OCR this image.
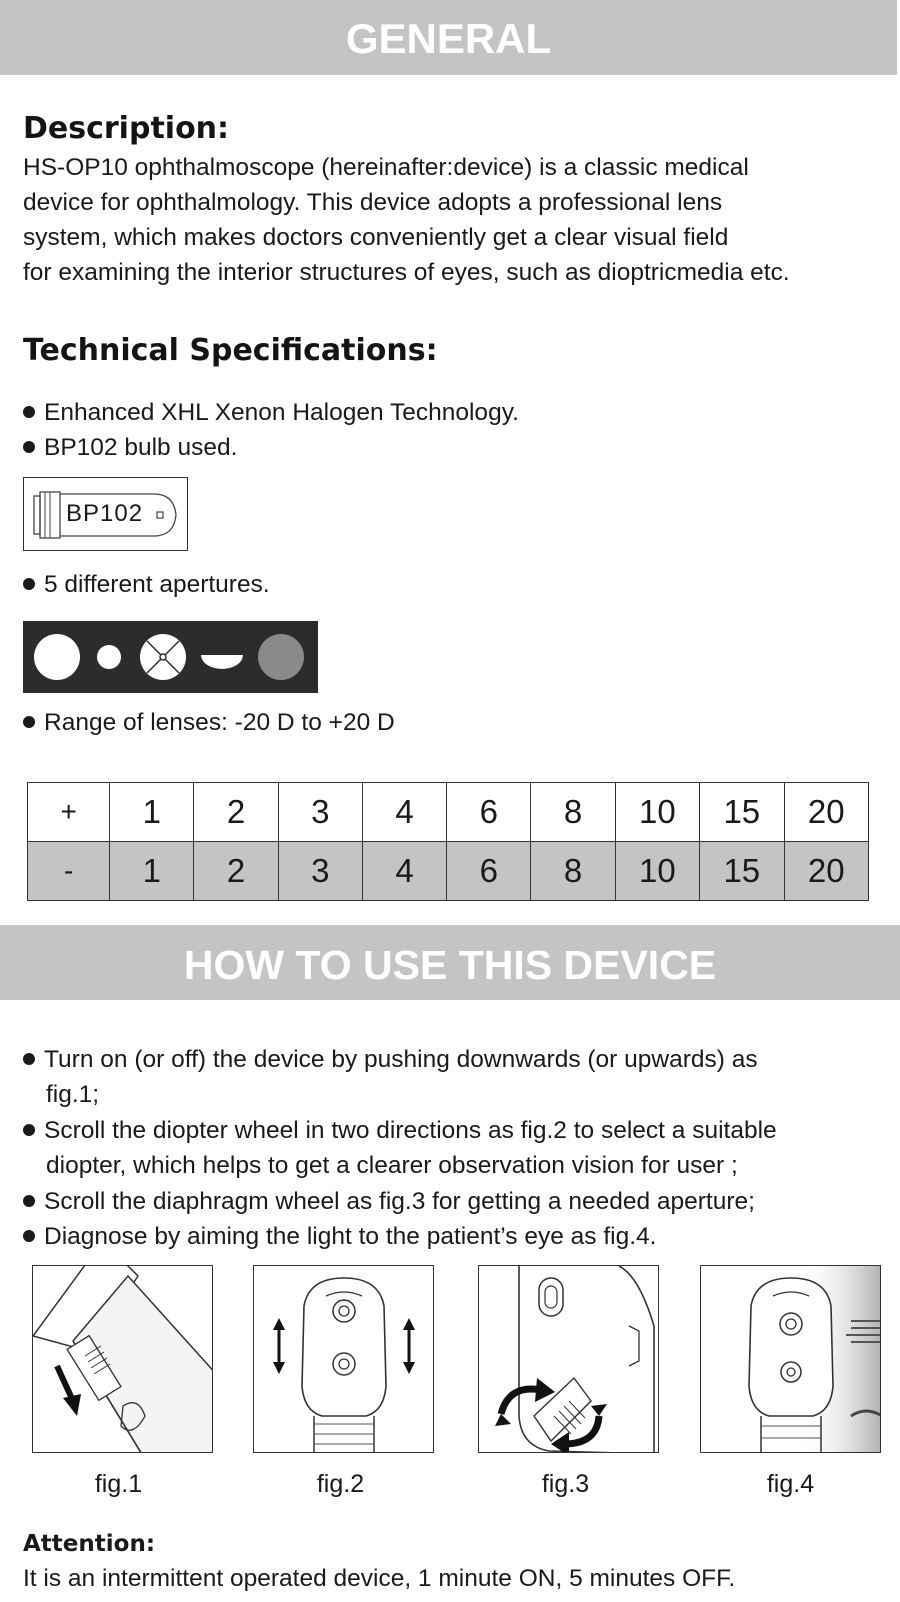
GENERAL
Description:
HS-OP10 ophthalmoscope (hereinafter:device) is a classic medical
device for ophthalmology. This device adopts a professional lens
system, which makes doctors conveniently get a clear visual field
for examining the interior structures of eyes, such as dioptricmedia etc.
Technical Specifications:
Enhanced XHL Xenon Halogen Technology.
BP102 bulb used.
BP102
5 different apertures.
Range of lenses: -20 D to +20 D
+	1	2	3	4	6	8	10	15	20
-	1	2	3	4	6	8	10	15	20
HOW TO USE THIS DEVICE
Turn on (or off) the device by pushing downwards (or upwards) as
fig.1;
Scroll the diopter wheel in two directions as fig.2 to select a suitable
diopter, which helps to get a clearer observation vision for user ;
Scroll the diaphragm wheel as fig.3 for getting a needed aperture;
Diagnose by aiming the light to the patient’s eye as fig.4.
fig.1	fig.2	fig.3	fig.4
Attention:
It is an intermittent operated device, 1 minute ON, 5 minutes OFF.
